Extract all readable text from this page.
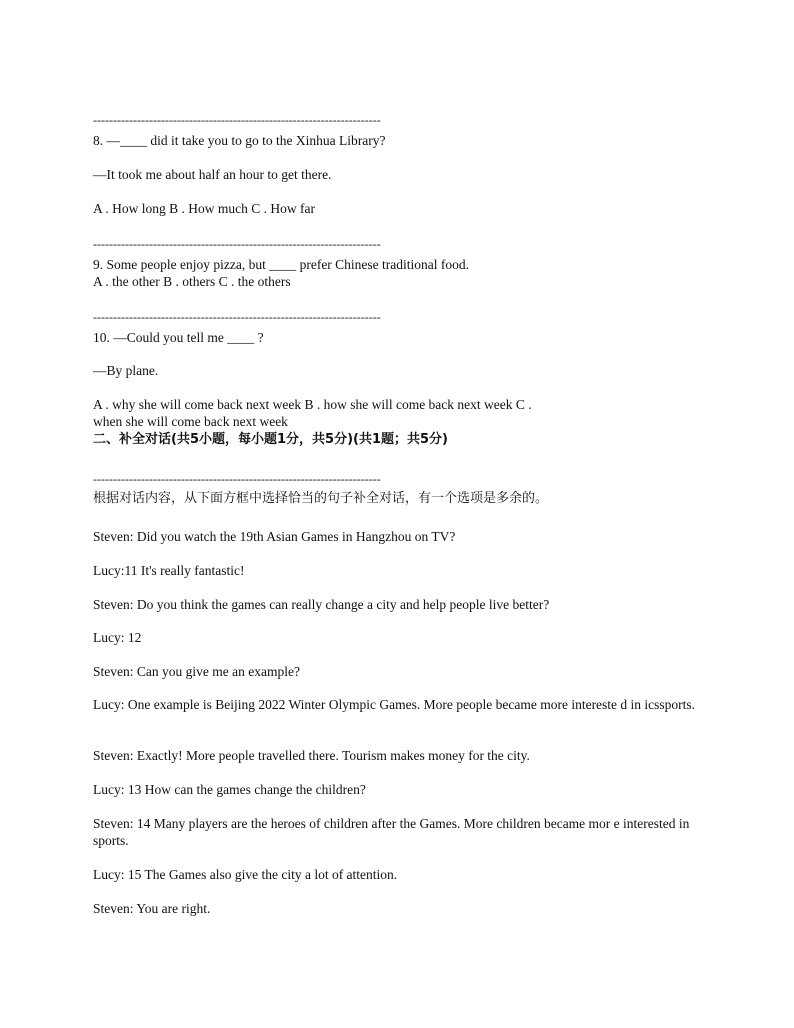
------------------------------------------------------------------------
8. —____ did it take you to go to the Xinhua Library?
—It took me about half an hour to get there.
A . How long B . How much C . How far
------------------------------------------------------------------------
9. Some people enjoy pizza, but ____ prefer Chinese traditional food.
A . the other B . others C . the others
------------------------------------------------------------------------
10. —Could you tell me ____ ?
—By plane.
A . why she will come back next week B . how she will come back next week C .
when she will come back next week
二、补全对话(共5小题，每小题1分，共5分)(共1题；共5分)
------------------------------------------------------------------------
根据对话内容，从下面方框中选择恰当的句子补全对话，有一个选项是多余的。
Steven: Did you watch the 19th Asian Games in Hangzhou on TV?
Lucy:11 It's really fantastic!
Steven: Do you think the games can really change a city and help people live better?
Lucy: 12
Steven: Can you give me an example?
Lucy: One example is Beijing 2022 Winter Olympic Games. More people became more intereste d in icssports.
Steven: Exactly! More people travelled there. Tourism makes money for the city.
Lucy: 13 How can the games change the children?
Steven: 14 Many players are the heroes of children after the Games. More children became mor e interested in sports.
Lucy: 15 The Games also give the city a lot of attention.
Steven: You are right.
